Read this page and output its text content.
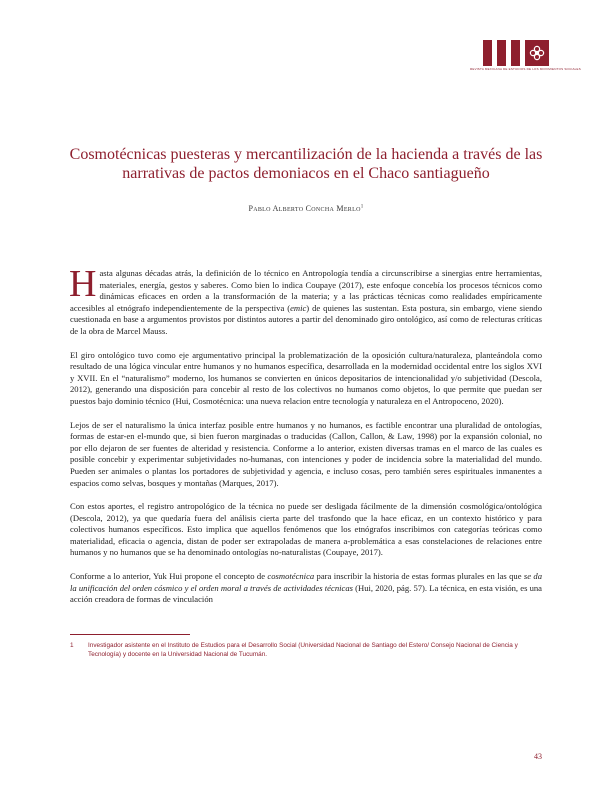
REVISTA MEXICANA DE ESTUDIOS DE LOS MOVIMIENTOS SOCIALES
Cosmotécnicas puesteras y mercantilización de la hacienda a través de las narrativas de pactos demoniacos en el Chaco santiagueño
Pablo Alberto Concha Merlo$^1$

Hasta algunas décadas atrás, la definición de lo técnico en Antropología tendía a circunscribirse a sinergias entre herramientas, materiales, energía, gestos y saberes. Como bien lo indica Coupaye (2017), este enfoque concebía los procesos técnicos como dinámicas eficaces en orden a la transformación de la materia; y a las prácticas técnicas como realidades empíricamente accesibles al etnógrafo independientemente de la perspectiva (emic) de quienes las sustentan. Esta postura, sin embargo, viene siendo cuestionada en base a argumentos provistos por distintos autores a partir del denominado giro ontológico, así como de relecturas críticas de la obra de Marcel Mauss.

El giro ontológico tuvo como eje argumentativo principal la problematización de la oposición cultura/naturaleza, planteándola como resultado de una lógica vincular entre humanos y no humanos específica, desarrollada en la modernidad occidental entre los siglos XVI y XVII. En el “naturalismo” moderno, los humanos se convierten en únicos depositarios de intencionalidad y/o subjetividad (Descola, 2012), generando una disposición para concebir al resto de los colectivos no humanos como objetos, lo que permite que puedan ser puestos bajo dominio técnico (Hui, Cosmotécnica: una nueva relacion entre tecnología y naturaleza en el Antropoceno, 2020).

Lejos de ser el naturalismo la única interfaz posible entre humanos y no humanos, es factible encontrar una pluralidad de ontologías, formas de estar-en el-mundo que, si bien fueron marginadas o traducidas (Callon, Callon, & Law, 1998) por la expansión colonial, no por ello dejaron de ser fuentes de alteridad y resistencia. Conforme a lo anterior, existen diversas tramas en el marco de las cuales es posible concebir y experimentar subjetividades no-humanas, con intenciones y poder de incidencia sobre la materialidad del mundo. Pueden ser animales o plantas los portadores de subjetividad y agencia, e incluso cosas, pero también seres espirituales inmanentes a espacios como selvas, bosques y montañas (Marques, 2017).

Con estos aportes, el registro antropológico de la técnica no puede ser desligada fácilmente de la dimensión cosmológica/ontológica (Descola, 2012), ya que quedaría fuera del análisis cierta parte del trasfondo que la hace eficaz, en un contexto histórico y para colectivos humanos específicos. Esto implica que aquellos fenómenos que los etnógrafos inscribimos con categorías teóricas como materialidad, eficacia o agencia, distan de poder ser extrapoladas de manera a-problemática a esas constelaciones de relaciones entre humanos y no humanos que se ha denominado ontologías no-naturalistas (Coupaye, 2017).

Conforme a lo anterior, Yuk Hui propone el concepto de cosmotécnica para inscribir la historia de estas formas plurales en las que se da la unificación del orden cósmico y el orden moral a través de actividades técnicas (Hui, 2020, pág. 57). La técnica, en esta visión, es una acción creadora de formas de vinculación

1 Investigador asistente en el Instituto de Estudios para el Desarrollo Social (Universidad Nacional de Santiago del Estero/ Consejo Nacional de Ciencia y Tecnología) y docente en la Universidad Nacional de Tucumán.
43
